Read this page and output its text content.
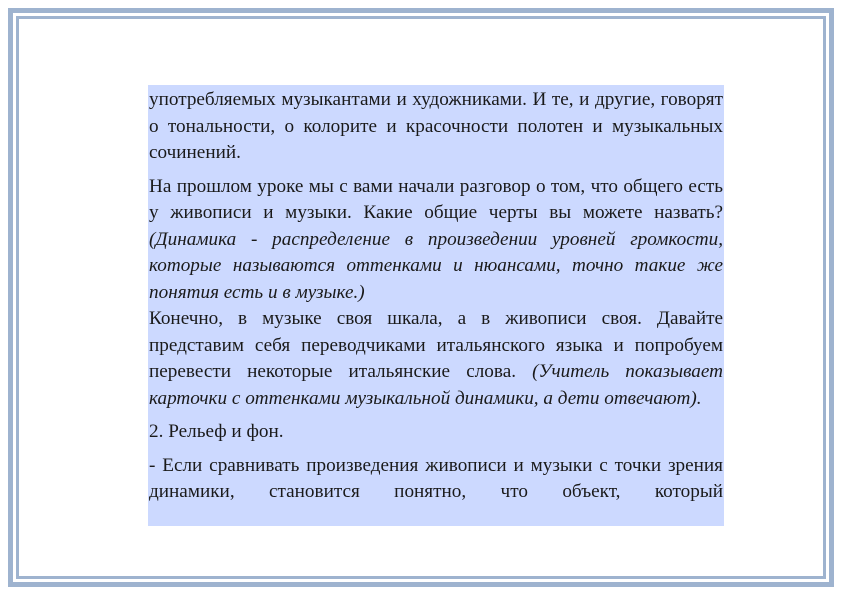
употребляемых музыкантами и художниками. И те, и другие, говорят о тональности, о колорите и красочности полотен и музыкальных сочинений.

На прошлом уроке мы с вами начали разговор о том, что общего есть у живописи и музыки. Какие общие черты вы можете назвать? (Динамика - распределение в произведении уровней громкости, которые называются оттенками и нюансами, точно такие же понятия есть и в музыке.)

Конечно, в музыке своя шкала, а в живописи своя. Давайте представим себя переводчиками итальянского языка и попробуем перевести некоторые итальянские слова. (Учитель показывает карточки с оттенками музыкальной динамики, а дети отвечают).

2. Рельеф и фон.

- Если сравнивать произведения живописи и музыки с точки зрения динамики, становится понятно, что объект, который
